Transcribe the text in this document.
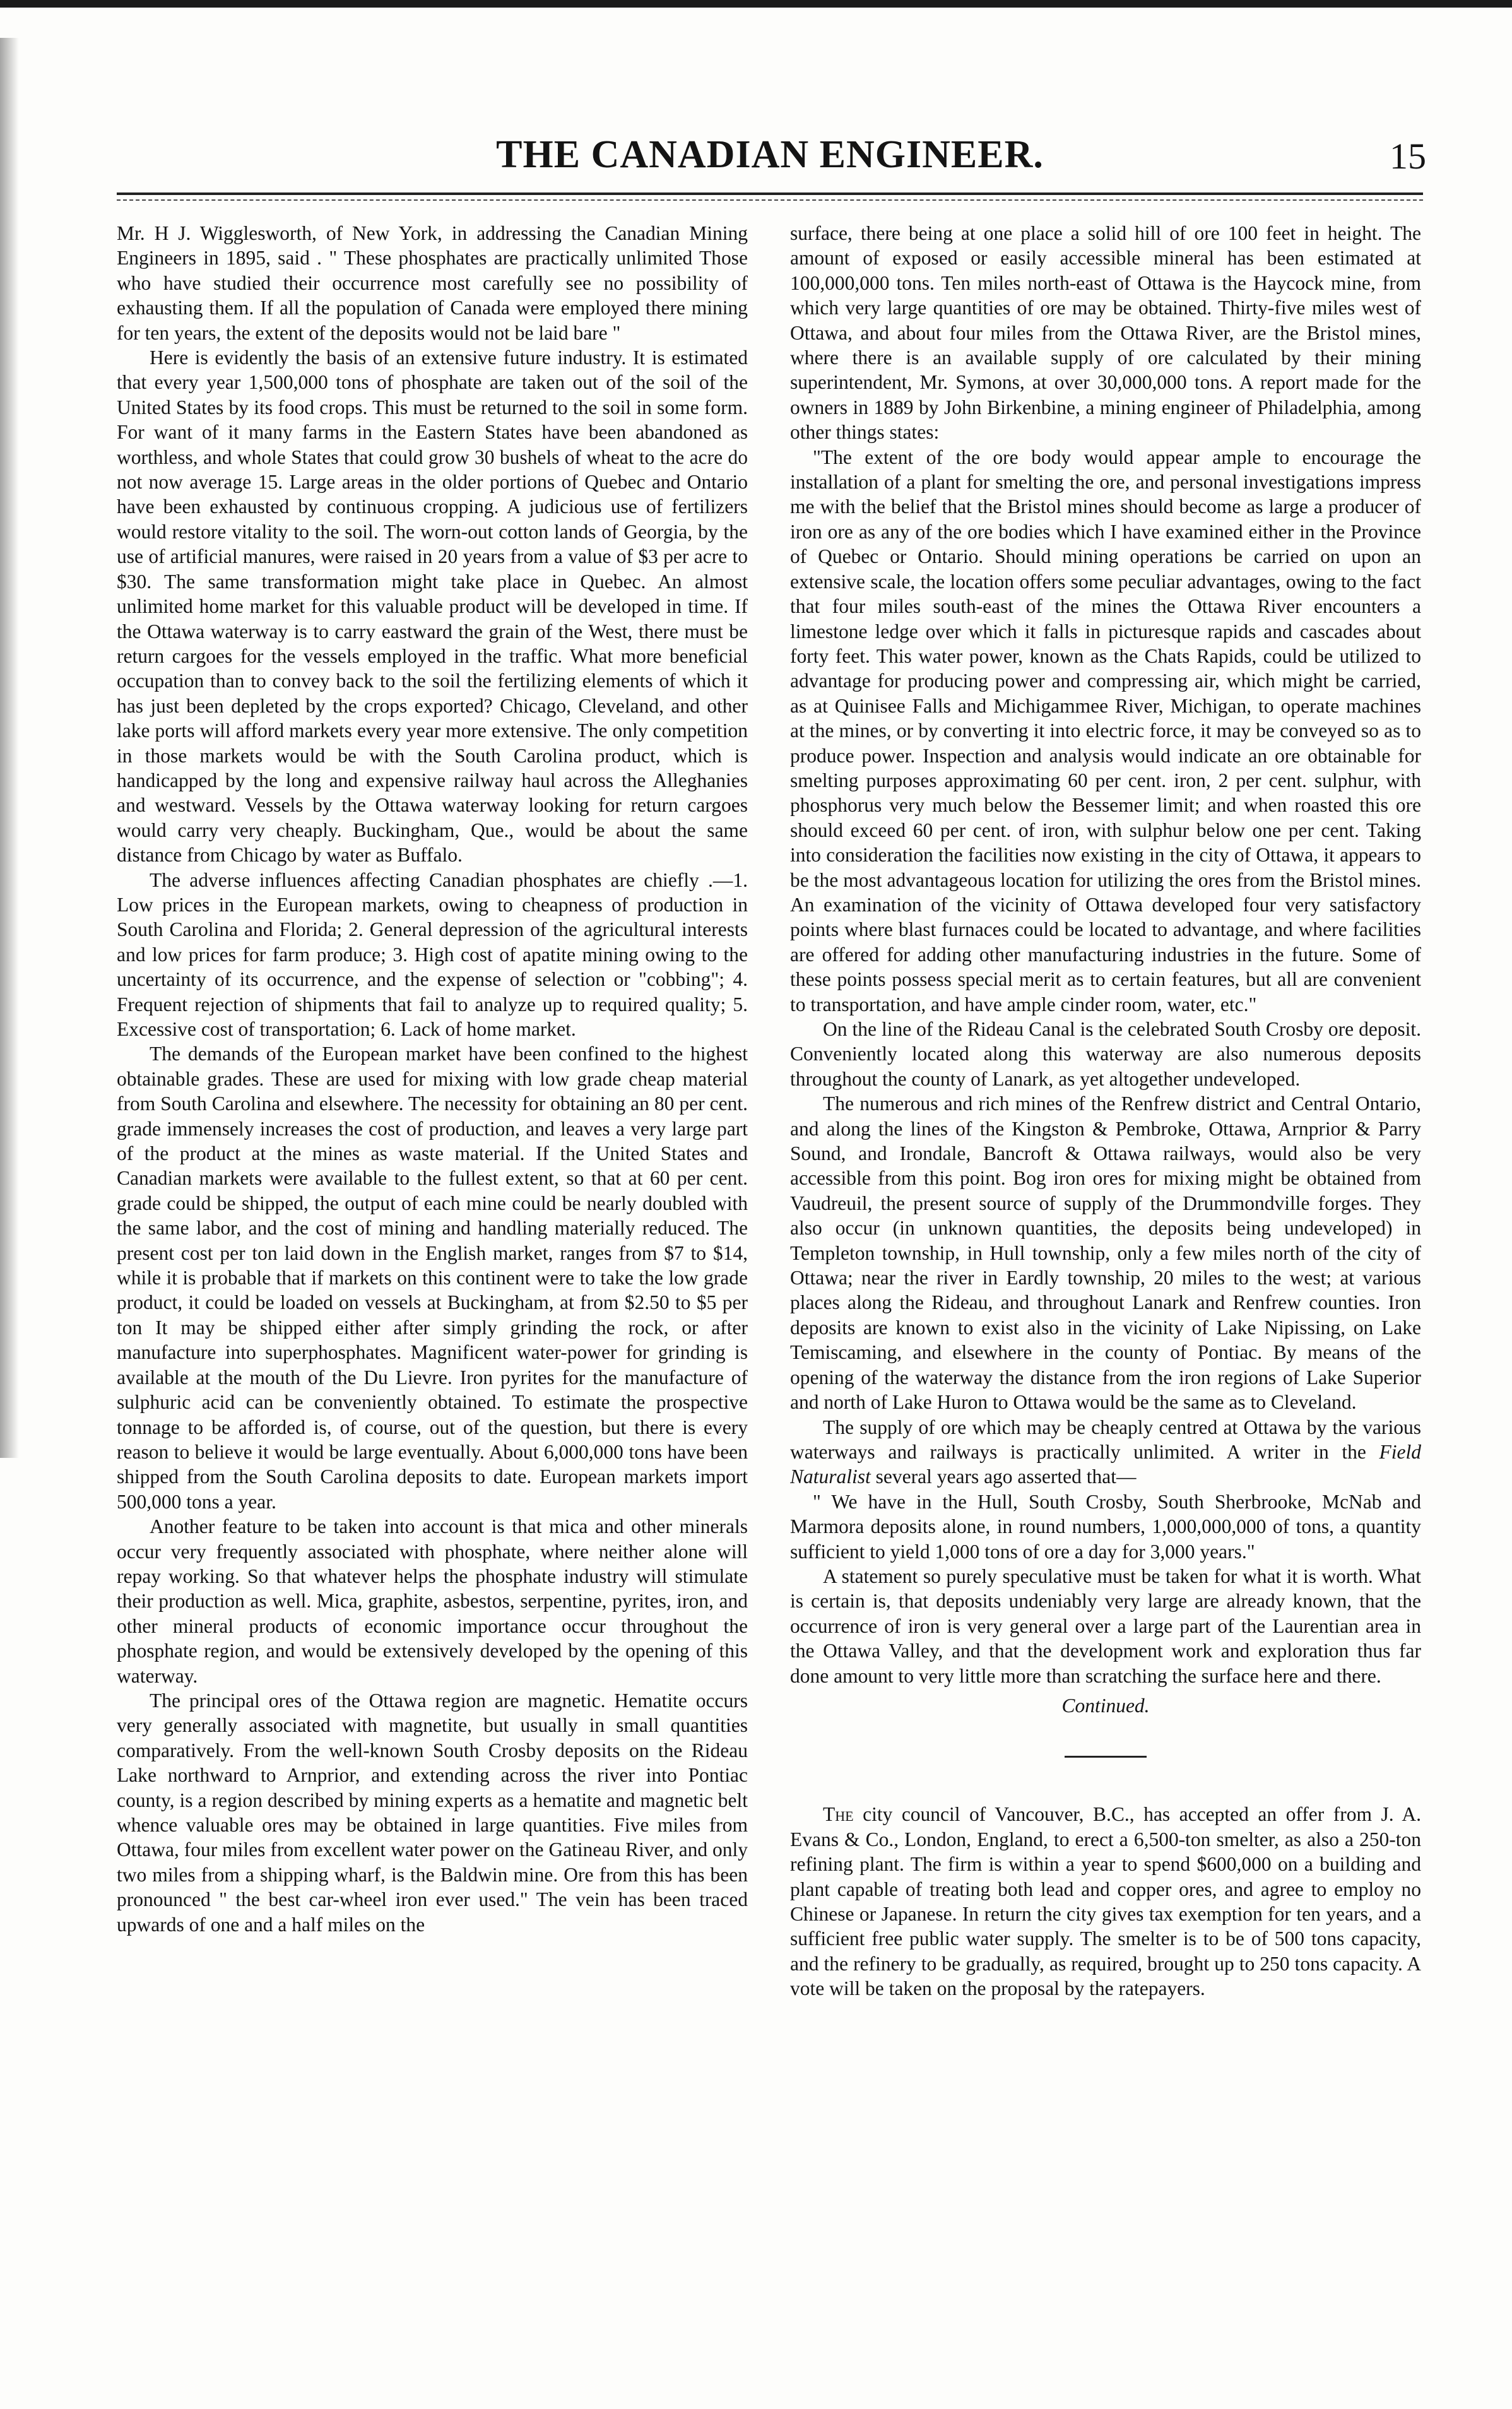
THE CANADIAN ENGINEER.	15

Mr. H J. Wigglesworth, of New York, in addressing the Canadian Mining Engineers in 1895, said . " These phosphates are practically unlimited Those who have studied their occurrence most carefully see no possibility of exhausting them. If all the population of Canada were employed there mining for ten years, the extent of the deposits would not be laid bare "

Here is evidently the basis of an extensive future industry. It is estimated that every year 1,500,000 tons of phosphate are taken out of the soil of the United States by its food crops. This must be returned to the soil in some form. For want of it many farms in the Eastern States have been abandoned as worthless, and whole States that could grow 30 bushels of wheat to the acre do not now average 15. Large areas in the older portions of Quebec and Ontario have been exhausted by continuous cropping. A judicious use of fertilizers would restore vitality to the soil. The worn-out cotton lands of Georgia, by the use of artificial manures, were raised in 20 years from a value of $3 per acre to $30. The same transformation might take place in Quebec. An almost unlimited home market for this valuable product will be developed in time. If the Ottawa waterway is to carry eastward the grain of the West, there must be return cargoes for the vessels employed in the traffic. What more beneficial occupation than to convey back to the soil the fertilizing elements of which it has just been depleted by the crops exported? Chicago, Cleveland, and other lake ports will afford markets every year more extensive. The only competition in those markets would be with the South Carolina product, which is handicapped by the long and expensive railway haul across the Alleghanies and westward. Vessels by the Ottawa waterway looking for return cargoes would carry very cheaply. Buckingham, Que., would be about the same distance from Chicago by water as Buffalo.

The adverse influences affecting Canadian phosphates are chiefly .—1. Low prices in the European markets, owing to cheapness of production in South Carolina and Florida; 2. General depression of the agricultural interests and low prices for farm produce; 3. High cost of apatite mining owing to the uncertainty of its occurrence, and the expense of selection or "cobbing"; 4. Frequent rejection of shipments that fail to analyze up to required quality; 5. Excessive cost of transportation; 6. Lack of home market.

The demands of the European market have been confined to the highest obtainable grades. These are used for mixing with low grade cheap material from South Carolina and elsewhere. The necessity for obtaining an 80 per cent. grade immensely increases the cost of production, and leaves a very large part of the product at the mines as waste material. If the United States and Canadian markets were available to the fullest extent, so that at 60 per cent. grade could be shipped, the output of each mine could be nearly doubled with the same labor, and the cost of mining and handling materially reduced. The present cost per ton laid down in the English market, ranges from $7 to $14, while it is probable that if markets on this continent were to take the low grade product, it could be loaded on vessels at Buckingham, at from $2.50 to $5 per ton It may be shipped either after simply grinding the rock, or after manufacture into superphosphates. Magnificent water-power for grinding is available at the mouth of the Du Lievre. Iron pyrites for the manufacture of sulphuric acid can be conveniently obtained. To estimate the prospective tonnage to be afforded is, of course, out of the question, but there is every reason to believe it would be large eventually. About 6,000,000 tons have been shipped from the South Carolina deposits to date. European markets import 500,000 tons a year.

Another feature to be taken into account is that mica and other minerals occur very frequently associated with phosphate, where neither alone will repay working. So that whatever helps the phosphate industry will stimulate their production as well. Mica, graphite, asbestos, serpentine, pyrites, iron, and other mineral products of economic importance occur throughout the phosphate region, and would be extensively developed by the opening of this waterway.

The principal ores of the Ottawa region are magnetic. Hematite occurs very generally associated with magnetite, but usually in small quantities comparatively. From the well-known South Crosby deposits on the Rideau Lake northward to Arnprior, and extending across the river into Pontiac county, is a region described by mining experts as a hematite and magnetic belt whence valuable ores may be obtained in large quantities. Five miles from Ottawa, four miles from excellent water power on the Gatineau River, and only two miles from a shipping wharf, is the Baldwin mine. Ore from this has been pronounced " the best car-wheel iron ever used." The vein has been traced upwards of one and a half miles on the

surface, there being at one place a solid hill of ore 100 feet in height. The amount of exposed or easily accessible mineral has been estimated at 100,000,000 tons. Ten miles north-east of Ottawa is the Haycock mine, from which very large quantities of ore may be obtained. Thirty-five miles west of Ottawa, and about four miles from the Ottawa River, are the Bristol mines, where there is an available supply of ore calculated by their mining superintendent, Mr. Symons, at over 30,000,000 tons. A report made for the owners in 1889 by John Birkenbine, a mining engineer of Philadelphia, among other things states:

"The extent of the ore body would appear ample to encourage the installation of a plant for smelting the ore, and personal investigations impress me with the belief that the Bristol mines should become as large a producer of iron ore as any of the ore bodies which I have examined either in the Province of Quebec or Ontario. Should mining operations be carried on upon an extensive scale, the location offers some peculiar advantages, owing to the fact that four miles south-east of the mines the Ottawa River encounters a limestone ledge over which it falls in picturesque rapids and cascades about forty feet. This water power, known as the Chats Rapids, could be utilized to advantage for producing power and compressing air, which might be carried, as at Quinisee Falls and Michigammee River, Michigan, to operate machines at the mines, or by converting it into electric force, it may be conveyed so as to produce power. Inspection and analysis would indicate an ore obtainable for smelting purposes approximating 60 per cent. iron, 2 per cent. sulphur, with phosphorus very much below the Bessemer limit; and when roasted this ore should exceed 60 per cent. of iron, with sulphur below one per cent. Taking into consideration the facilities now existing in the city of Ottawa, it appears to be the most advantageous location for utilizing the ores from the Bristol mines. An examination of the vicinity of Ottawa developed four very satisfactory points where blast furnaces could be located to advantage, and where facilities are offered for adding other manufacturing industries in the future. Some of these points possess special merit as to certain features, but all are convenient to transportation, and have ample cinder room, water, etc."

On the line of the Rideau Canal is the celebrated South Crosby ore deposit. Conveniently located along this waterway are also numerous deposits throughout the county of Lanark, as yet altogether undeveloped.

The numerous and rich mines of the Renfrew district and Central Ontario, and along the lines of the Kingston & Pembroke, Ottawa, Arnprior & Parry Sound, and Irondale, Bancroft & Ottawa railways, would also be very accessible from this point. Bog iron ores for mixing might be obtained from Vaudreuil, the present source of supply of the Drummondville forges. They also occur (in unknown quantities, the deposits being undeveloped) in Templeton township, in Hull township, only a few miles north of the city of Ottawa; near the river in Eardly township, 20 miles to the west; at various places along the Rideau, and throughout Lanark and Renfrew counties. Iron deposits are known to exist also in the vicinity of Lake Nipissing, on Lake Temiscaming, and elsewhere in the county of Pontiac. By means of the opening of the waterway the distance from the iron regions of Lake Superior and north of Lake Huron to Ottawa would be the same as to Cleveland.

The supply of ore which may be cheaply centred at Ottawa by the various waterways and railways is practically unlimited. A writer in the Field Naturalist several years ago asserted that—

" We have in the Hull, South Crosby, South Sherbrooke, McNab and Marmora deposits alone, in round numbers, 1,000,000,000 of tons, a quantity sufficient to yield 1,000 tons of ore a day for 3,000 years."

A statement so purely speculative must be taken for what it is worth. What is certain is, that deposits undeniably very large are already known, that the occurrence of iron is very general over a large part of the Laurentian area in the Ottawa Valley, and that the development work and exploration thus far done amount to very little more than scratching the surface here and there.

Continued.

The city council of Vancouver, B.C., has accepted an offer from J. A. Evans & Co., London, England, to erect a 6,500-ton smelter, as also a 250-ton refining plant. The firm is within a year to spend $600,000 on a building and plant capable of treating both lead and copper ores, and agree to employ no Chinese or Japanese. In return the city gives tax exemption for ten years, and a sufficient free public water supply. The smelter is to be of 500 tons capacity, and the refinery to be gradually, as required, brought up to 250 tons capacity. A vote will be taken on the proposal by the ratepayers.
